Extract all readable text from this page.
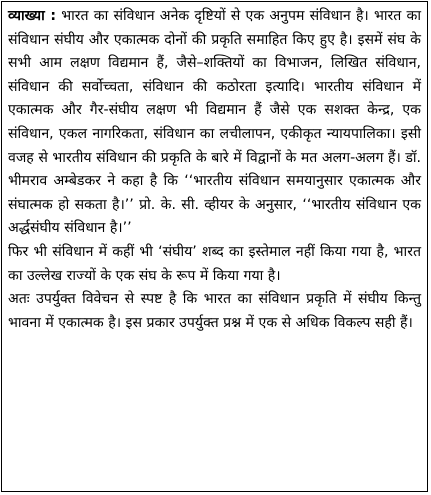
व्याख्या : भारत का संविधान अनेक दृष्टियों से एक अनुपम संविधान है। भारत का संविधान संघीय और एकात्मक दोनों की प्रकृति समाहित किए हुए है। इसमें संघ के सभी आम लक्षण विद्यमान हैं, जैसे–शक्तियों का विभाजन, लिखित संविधान, संविधान की सर्वोच्चता, संविधान की कठोरता इत्यादि। भारतीय संविधान में एकात्मक और गैर-संघीय लक्षण भी विद्यमान हैं जैसे एक सशक्त केन्द्र, एक संविधान, एकल नागरिकता, संविधान का लचीलापन, एकीकृत न्यायपालिका। इसी वजह से भारतीय संविधान की प्रकृति के बारे में विद्वानों के मत अलग-अलग हैं। डॉ. भीमराव अम्बेडकर ने कहा है कि ‘‘भारतीय संविधान समयानुसार एकात्मक और संघात्मक हो सकता है।’’ प्रो. के. सी. व्हीयर के अनुसार, ‘‘भारतीय संविधान एक अर्द्धसंघीय संविधान है।’’

फिर भी संविधान में कहीं भी ‘संघीय’ शब्द का इस्तेमाल नहीं किया गया है, भारत का उल्लेख राज्यों के एक संघ के रूप में किया गया है।

अतः उपर्युक्त विवेचन से स्पष्ट है कि भारत का संविधान प्रकृति में संघीय किन्तु भावना में एकात्मक है। इस प्रकार उपर्युक्त प्रश्न में एक से अधिक विकल्प सही हैं।
